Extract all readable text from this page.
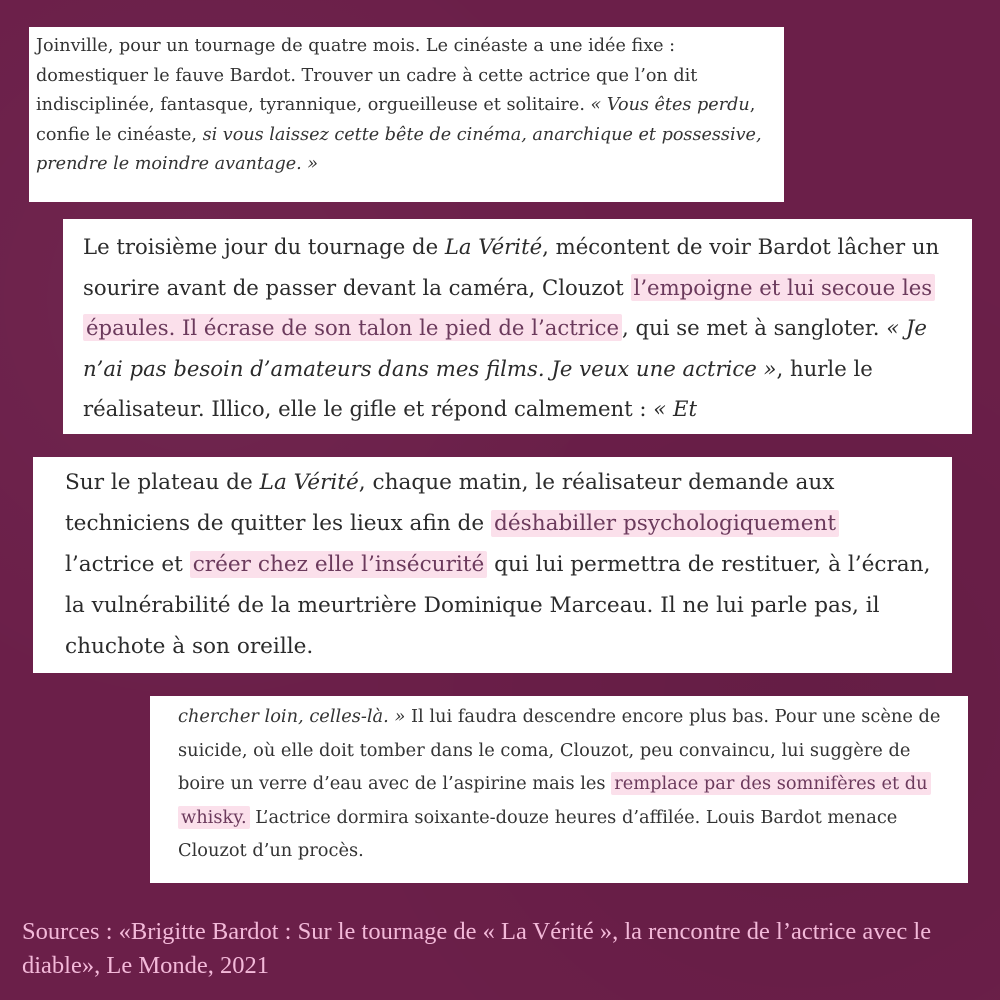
Joinville, pour un tournage de quatre mois. Le cinéaste a une idée fixe : domestiquer le fauve Bardot. Trouver un cadre à cette actrice que l’on dit indisciplinée, fantasque, tyrannique, orgueilleuse et solitaire. « Vous êtes perdu, confie le cinéaste, si vous laissez cette bête de cinéma, anarchique et possessive, prendre le moindre avantage. »

Le troisième jour du tournage de La Vérité, mécontent de voir Bardot lâcher un sourire avant de passer devant la caméra, Clouzot l’empoigne et lui secoue les épaules. Il écrase de son talon le pied de l’actrice , qui se met à sangloter. « Je n’ai pas besoin d’amateurs dans mes films. Je veux une actrice », hurle le réalisateur. Illico, elle le gifle et répond calmement : « Et

Sur le plateau de La Vérité, chaque matin, le réalisateur demande aux techniciens de quitter les lieux afin de déshabiller psychologiquement l’actrice et créer chez elle l’insécurité qui lui permettra de restituer, à l’écran, la vulnérabilité de la meurtrière Dominique Marceau. Il ne lui parle pas, il chuchote à son oreille.

chercher loin, celles-là. » Il lui faudra descendre encore plus bas. Pour une scène de suicide, où elle doit tomber dans le coma, Clouzot, peu convaincu, lui suggère de boire un verre d’eau avec de l’aspirine mais les remplace par des somnifères et du whisky. L’actrice dormira soixante-douze heures d’affilée. Louis Bardot menace Clouzot d’un procès.

Sources : «Brigitte Bardot : Sur le tournage de « La Vérité », la rencontre de l’actrice avec le diable», Le Monde, 2021
